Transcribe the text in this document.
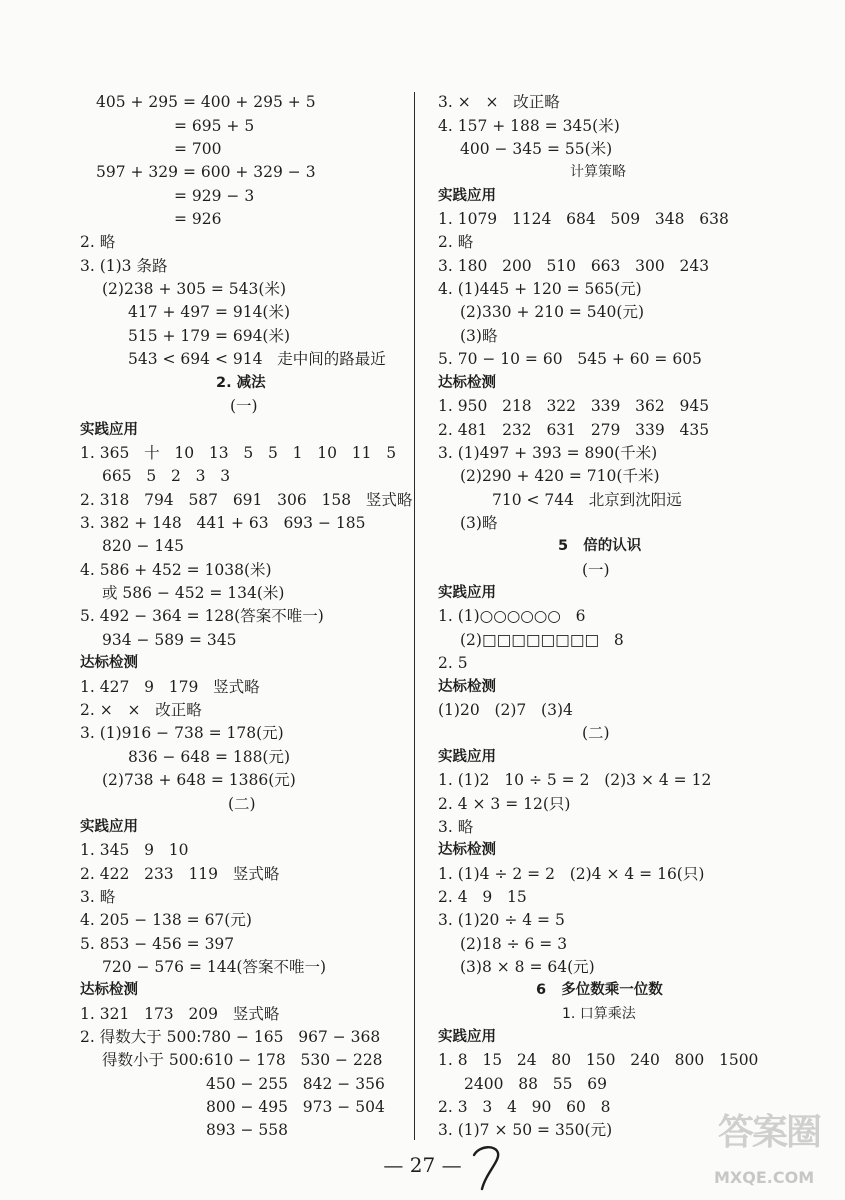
405 + 295 = 400 + 295 + 5
= 695 + 5
= 700
597 + 329 = 600 + 329 − 3
= 929 − 3
= 926
2. 略
3. (1)3 条路
(2)238 + 305 = 543(米)
417 + 497 = 914(米)
515 + 179 = 694(米)
543 < 694 < 914   走中间的路最近
2. 减法
(一)
实践应用
1. 365   十   10   13   5   5   1   10   11   5
665   5   2   3   3
2. 318   794   587   691   306   158   竖式略
3. 382 + 148   441 + 63   693 − 185
820 − 145
4. 586 + 452 = 1038(米)
或 586 − 452 = 134(米)
5. 492 − 364 = 128(答案不唯一)
934 − 589 = 345
达标检测
1. 427   9   179   竖式略
2. ×   ×   改正略
3. (1)916 − 738 = 178(元)
836 − 648 = 188(元)
(2)738 + 648 = 1386(元)
(二)
实践应用
1. 345   9   10
2. 422   233   119   竖式略
3. 略
4. 205 − 138 = 67(元)
5. 853 − 456 = 397
720 − 576 = 144(答案不唯一)
达标检测
1. 321   173   209   竖式略
2. 得数大于 500:780 − 165   967 − 368
得数小于 500:610 − 178   530 − 228
450 − 255   842 − 356
800 − 495   973 − 504
893 − 558
3. ×   ×   改正略
4. 157 + 188 = 345(米)
400 − 345 = 55(米)
计算策略
实践应用
1. 1079   1124   684   509   348   638
2. 略
3. 180   200   510   663   300   243
4. (1)445 + 120 = 565(元)
(2)330 + 210 = 540(元)
(3)略
5. 70 − 10 = 60   545 + 60 = 605
达标检测
1. 950   218   322   339   362   945
2. 481   232   631   279   339   435
3. (1)497 + 393 = 890(千米)
(2)290 + 420 = 710(千米)
710 < 744   北京到沈阳远
(3)略
5   倍的认识
(一)
实践应用
1. (1)○○○○○○   6
(2)□□□□□□□□   8
2. 5
达标检测
(1)20   (2)7   (3)4
(二)
实践应用
1. (1)2   10 ÷ 5 = 2   (2)3 × 4 = 12
2. 4 × 3 = 12(只)
3. 略
达标检测
1. (1)4 ÷ 2 = 2   (2)4 × 4 = 16(只)
2. 4   9   15
3. (1)20 ÷ 4 = 5
(2)18 ÷ 6 = 3
(3)8 × 8 = 64(元)
6   多位数乘一位数
1. 口算乘法
实践应用
1. 8   15   24   80   150   240   800   1500
2400   88   55   69
2. 3   3   4   90   60   8
3. (1)7 × 50 = 350(元)
— 27 —
答案圈
MXQE.COM
